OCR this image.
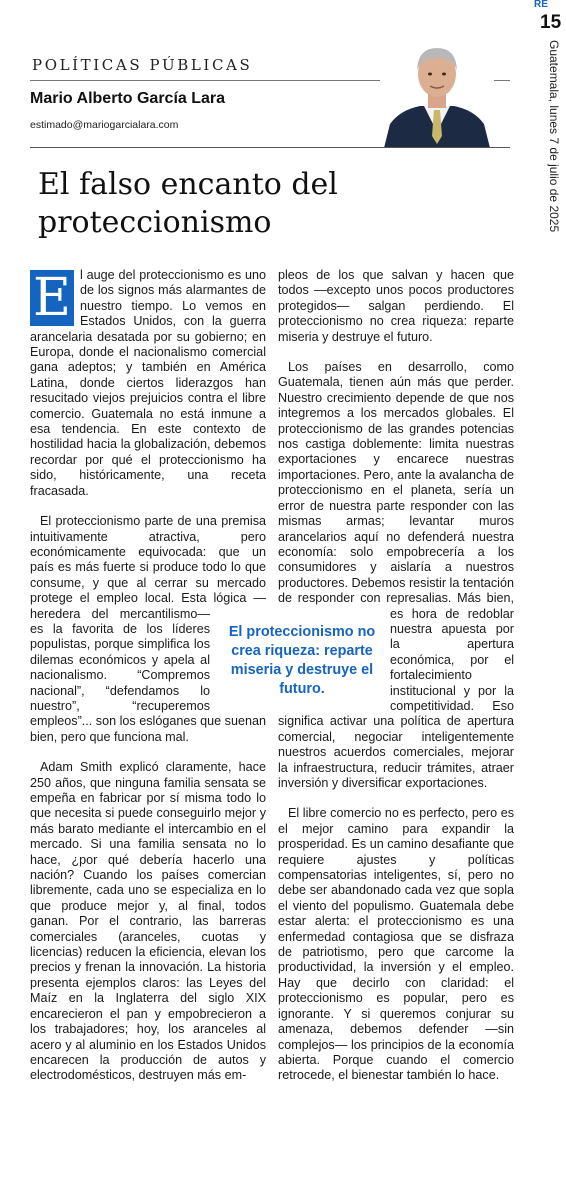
RE
15
Guatemala, lunes 7 de julio de 2025
POLÍTICAS PÚBLICAS
Mario Alberto García Lara
estimado@mariogarcialara.com
El falso encanto del proteccionismo

E l auge del proteccionismo es uno de los signos más alarmantes de nuestro tiempo. Lo vemos en Estados Unidos, con la guerra arancelaria desatada por su gobierno; en Europa, donde el nacionalismo comercial gana adeptos; y también en América Latina, donde ciertos liderazgos han resucitado viejos prejuicios contra el libre comercio. Guatemala no está inmune a esa tendencia. En este contexto de hostilidad hacia la globalización, debemos recordar por qué el proteccionismo ha sido, históricamente, una receta fracasada.

El proteccionismo parte de una premisa intuitivamente atractiva, pero económicamente equivocada: que un país es más fuerte si produce todo lo que consume, y que al cerrar su mercado protege el empleo local. Esta lógica —heredera del mercantilismo— es la favorita de los líderes populistas, porque simplifica los dilemas económicos y apela al nacionalismo. “Compremos nacional”, “defendamos lo nuestro”, “recuperemos empleos”... son los eslóganes que suenan bien, pero que funciona mal.

Adam Smith explicó claramente, hace 250 años, que ninguna familia sensata se empeña en fabricar por sí misma todo lo que necesita si puede conseguirlo mejor y más barato mediante el intercambio en el mercado. Si una familia sensata no lo hace, ¿por qué debería hacerlo una nación? Cuando los países comercian libremente, cada uno se especializa en lo que produce mejor y, al final, todos ganan. Por el contrario, las barreras comerciales (aranceles, cuotas y licencias) reducen la eficiencia, elevan los precios y frenan la innovación. La historia presenta ejemplos claros: las Leyes del Maíz en la Inglaterra del siglo XIX encarecieron el pan y empobrecieron a los trabajadores; hoy, los aranceles al acero y al aluminio en los Estados Unidos encarecen la producción de autos y electrodomésticos, destruyen más em-

pleos de los que salvan y hacen que todos —excepto unos pocos productores protegidos— salgan perdiendo. El proteccionismo no crea riqueza: reparte miseria y destruye el futuro.

Los países en desarrollo, como Guatemala, tienen aún más que perder. Nuestro crecimiento depende de que nos integremos a los mercados globales. El proteccionismo de las grandes potencias nos castiga doblemente: limita nuestras exportaciones y encarece nuestras importaciones. Pero, ante la avalancha de proteccionismo en el planeta, sería un error de nuestra parte responder con las mismas armas; levantar muros arancelarios aquí no defenderá nuestra economía: solo empobrecería a los consumidores y aislaría a nuestros productores. Debemos resistir la tentación de responder con represalias. Más bien, es hora de redoblar nuestra apuesta por la apertura económica, por el fortalecimiento institucional y por la competitividad. Eso significa activar una política de apertura comercial, negociar inteligentemente nuestros acuerdos comerciales, mejorar la infraestructura, reducir trámites, atraer inversión y diversificar exportaciones.

El libre comercio no es perfecto, pero es el mejor camino para expandir la prosperidad. Es un camino desafiante que requiere ajustes y políticas compensatorias inteligentes, sí, pero no debe ser abandonado cada vez que sopla el viento del populismo. Guatemala debe estar alerta: el proteccionismo es una enfermedad contagiosa que se disfraza de patriotismo, pero que carcome la productividad, la inversión y el empleo. Hay que decirlo con claridad: el proteccionismo es popular, pero es ignorante. Y si queremos conjurar su amenaza, debemos defender —sin complejos— los principios de la economía abierta. Porque cuando el comercio retrocede, el bienestar también lo hace.

El proteccionismo no crea riqueza: reparte miseria y destruye el futuro.
